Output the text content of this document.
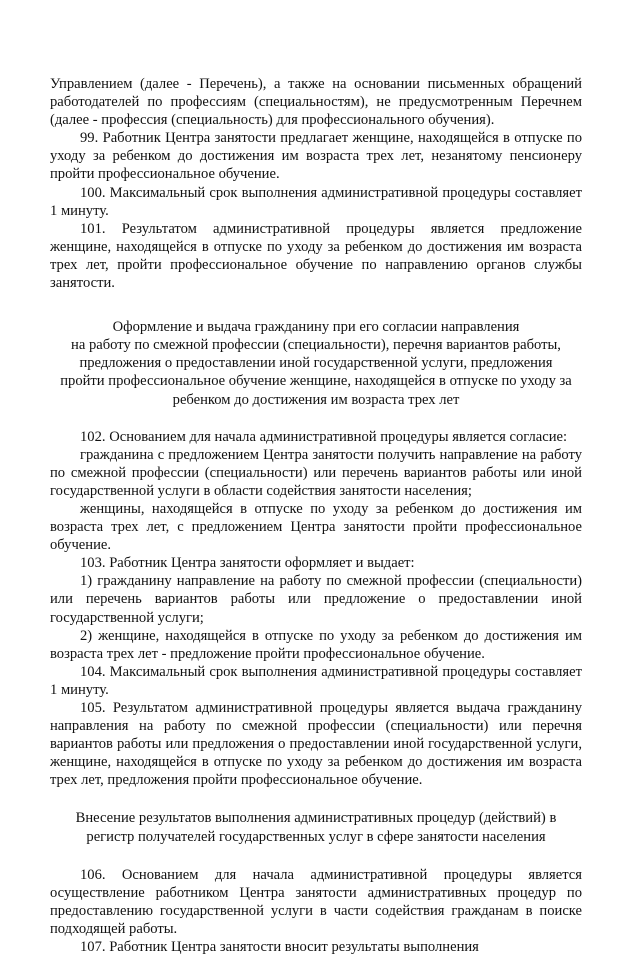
Управлением (далее - Перечень), а также на основании письменных обращений работодателей по профессиям (специальностям), не предусмотренным Перечнем (далее - профессия (специальность) для профессионального обучения).

99. Работник Центра занятости предлагает женщине, находящейся в отпуске по уходу за ребенком до достижения им возраста трех лет, незанятому пенсионеру пройти профессиональное обучение.

100. Максимальный срок выполнения административной процедуры составляет 1 минуту.

101. Результатом административной процедуры является предложение женщине, находящейся в отпуске по уходу за ребенком до достижения им возраста трех лет, пройти профессиональное обучение по направлению органов службы занятости.

Оформление и выдача гражданину при его согласии направления
на работу по смежной профессии (специальности), перечня вариантов работы,
предложения о предоставлении иной государственной услуги, предложения
пройти профессиональное обучение женщине, находящейся в отпуске по уходу за
ребенком до достижения им возраста трех лет

102. Основанием для начала административной процедуры является согласие:

гражданина с предложением Центра занятости получить направление на работу по смежной профессии (специальности) или перечень вариантов работы или иной государственной услуги в области содействия занятости населения;

женщины, находящейся в отпуске по уходу за ребенком до достижения им возраста трех лет, с предложением Центра занятости пройти профессиональное обучение.

103. Работник Центра занятости оформляет и выдает:

1) гражданину направление на работу по смежной профессии (специальности) или перечень вариантов работы или предложение о предоставлении иной государственной услуги;

2) женщине, находящейся в отпуске по уходу за ребенком до достижения им возраста трех лет - предложение пройти профессиональное обучение.

104. Максимальный срок выполнения административной процедуры составляет 1 минуту.

105. Результатом административной процедуры является выдача гражданину направления на работу по смежной профессии (специальности) или перечня вариантов работы или предложения о предоставлении иной государственной услуги, женщине, находящейся в отпуске по уходу за ребенком до достижения им возраста трех лет, предложения пройти профессиональное обучение.

Внесение результатов выполнения административных процедур (действий) в
регистр получателей государственных услуг в сфере занятости населения

106. Основанием для начала административной процедуры является осуществление работником Центра занятости административных процедур по предоставлению государственной услуги в части содействия гражданам в поиске подходящей работы.

107. Работник Центра занятости вносит результаты выполнения
